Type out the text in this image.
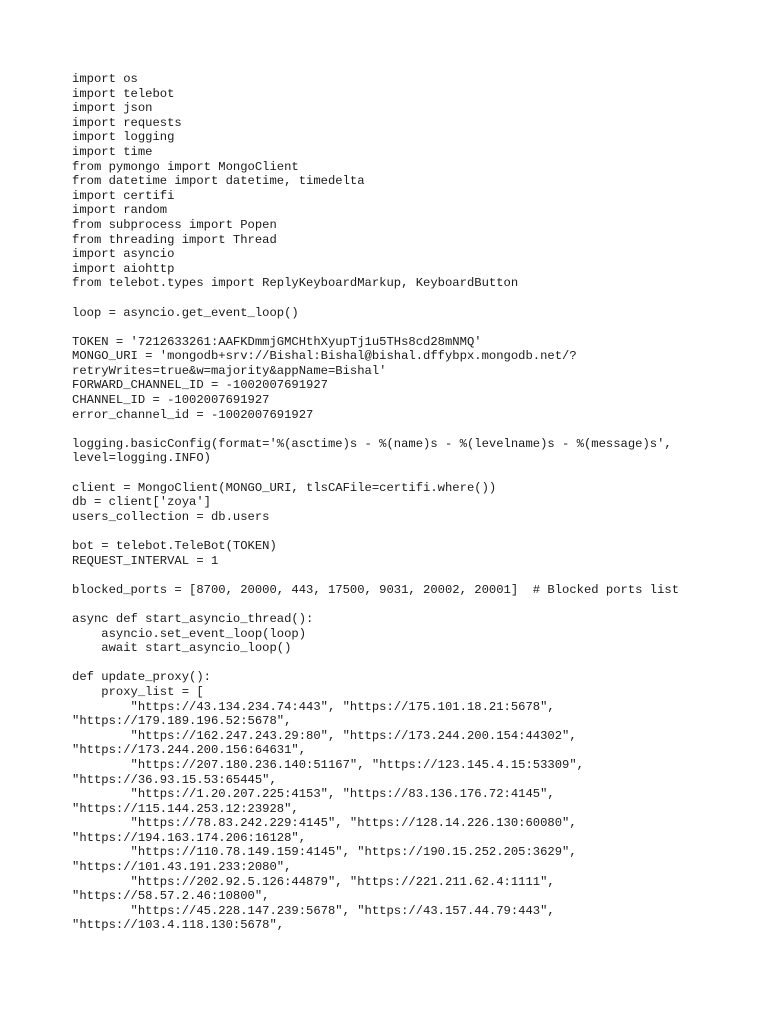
import os
import telebot
import json
import requests
import logging
import time
from pymongo import MongoClient
from datetime import datetime, timedelta
import certifi
import random
from subprocess import Popen
from threading import Thread
import asyncio
import aiohttp
from telebot.types import ReplyKeyboardMarkup, KeyboardButton
loop = asyncio.get_event_loop()
TOKEN = '7212633261:AAFKDmmjGMCHthXyupTj1u5THs8cd28mNMQ'
MONGO_URI = 'mongodb+srv://Bishal:Bishal@bishal.dffybpx.mongodb.net/?
retryWrites=true&w=majority&appName=Bishal'
FORWARD_CHANNEL_ID = -1002007691927
CHANNEL_ID = -1002007691927
error_channel_id = -1002007691927
logging.basicConfig(format='%(asctime)s - %(name)s - %(levelname)s - %(message)s',
level=logging.INFO)
client = MongoClient(MONGO_URI, tlsCAFile=certifi.where())
db = client['zoya']
users_collection = db.users
bot = telebot.TeleBot(TOKEN)
REQUEST_INTERVAL = 1
blocked_ports = [8700, 20000, 443, 17500, 9031, 20002, 20001]  # Blocked ports list
async def start_asyncio_thread():
asyncio.set_event_loop(loop)
await start_asyncio_loop()
def update_proxy():
proxy_list = [
"https://43.134.234.74:443", "https://175.101.18.21:5678",
"https://179.189.196.52:5678",
"https://162.247.243.29:80", "https://173.244.200.154:44302",
"https://173.244.200.156:64631",
"https://207.180.236.140:51167", "https://123.145.4.15:53309",
"https://36.93.15.53:65445",
"https://1.20.207.225:4153", "https://83.136.176.72:4145",
"https://115.144.253.12:23928",
"https://78.83.242.229:4145", "https://128.14.226.130:60080",
"https://194.163.174.206:16128",
"https://110.78.149.159:4145", "https://190.15.252.205:3629",
"https://101.43.191.233:2080",
"https://202.92.5.126:44879", "https://221.211.62.4:1111",
"https://58.57.2.46:10800",
"https://45.228.147.239:5678", "https://43.157.44.79:443",
"https://103.4.118.130:5678",
